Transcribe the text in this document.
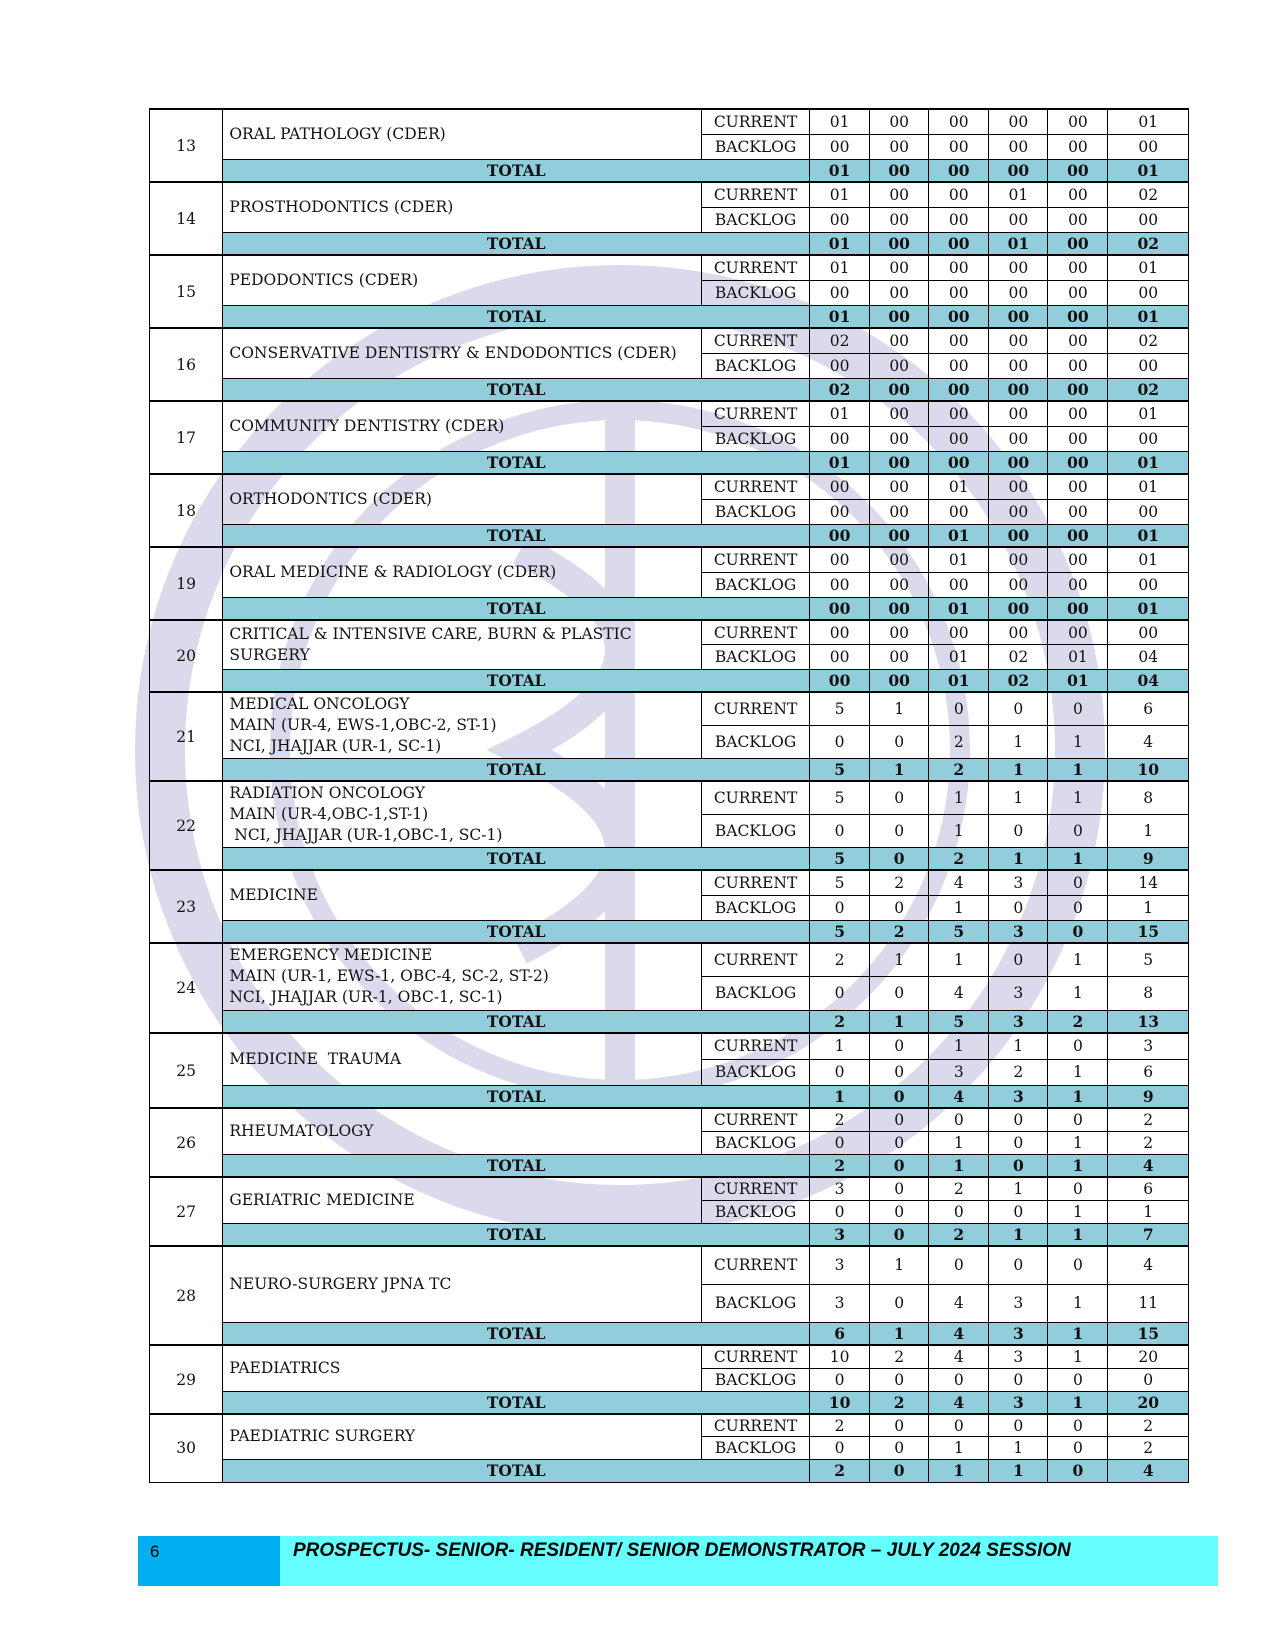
13	ORAL PATHOLOGY (CDER)	CURRENT	01	00	00	00	00	01
		BACKLOG	00	00	00	00	00	00
	TOTAL		01	00	00	00	00	01
14	PROSTHODONTICS (CDER)	CURRENT	01	00	00	01	00	02
		BACKLOG	00	00	00	00	00	00
	TOTAL		01	00	00	01	00	02
15	PEDODONTICS (CDER)	CURRENT	01	00	00	00	00	01
		BACKLOG	00	00	00	00	00	00
	TOTAL		01	00	00	00	00	01
16	CONSERVATIVE DENTISTRY & ENDODONTICS (CDER)	CURRENT	02	00	00	00	00	02
		BACKLOG	00	00	00	00	00	00
	TOTAL		02	00	00	00	00	02
17	COMMUNITY DENTISTRY (CDER)	CURRENT	01	00	00	00	00	01
		BACKLOG	00	00	00	00	00	00
	TOTAL		01	00	00	00	00	01
18	ORTHODONTICS (CDER)	CURRENT	00	00	01	00	00	01
		BACKLOG	00	00	00	00	00	00
	TOTAL		00	00	01	00	00	01
19	ORAL MEDICINE & RADIOLOGY (CDER)	CURRENT	00	00	01	00	00	01
		BACKLOG	00	00	00	00	00	00
	TOTAL		00	00	01	00	00	01
20	CRITICAL & INTENSIVE CARE, BURN & PLASTIC
SURGERY	CURRENT	00	00	00	00	00	00
		BACKLOG	00	00	01	02	01	04
	TOTAL		00	00	01	02	01	04
21	MEDICAL ONCOLOGY
MAIN (UR-4, EWS-1,OBC-2, ST-1)
NCI, JHAJJAR (UR-1, SC-1)	CURRENT	5	1	0	0	0	6
		BACKLOG	0	0	2	1	1	4
	TOTAL		5	1	2	1	1	10
22	RADIATION ONCOLOGY
MAIN (UR-4,OBC-1,ST-1)
NCI, JHAJJAR (UR-1,OBC-1, SC-1)	CURRENT	5	0	1	1	1	8
		BACKLOG	0	0	1	0	0	1
	TOTAL		5	0	2	1	1	9
23	MEDICINE	CURRENT	5	2	4	3	0	14
		BACKLOG	0	0	1	0	0	1
	TOTAL		5	2	5	3	0	15
24	EMERGENCY MEDICINE
MAIN (UR-1, EWS-1, OBC-4, SC-2, ST-2)
NCI, JHAJJAR (UR-1, OBC-1, SC-1)	CURRENT	2	1	1	0	1	5
		BACKLOG	0	0	4	3	1	8
	TOTAL		2	1	5	3	2	13
25	MEDICINE  TRAUMA	CURRENT	1	0	1	1	0	3
		BACKLOG	0	0	3	2	1	6
	TOTAL		1	0	4	3	1	9
26	RHEUMATOLOGY	CURRENT	2	0	0	0	0	2
		BACKLOG	0	0	1	0	1	2
	TOTAL		2	0	1	0	1	4
27	GERIATRIC MEDICINE	CURRENT	3	0	2	1	0	6
		BACKLOG	0	0	0	0	1	1
	TOTAL		3	0	2	1	1	7
28	NEURO-SURGERY JPNA TC	CURRENT	3	1	0	0	0	4
		BACKLOG	3	0	4	3	1	11
	TOTAL		6	1	4	3	1	15
29	PAEDIATRICS	CURRENT	10	2	4	3	1	20
		BACKLOG	0	0	0	0	0	0
	TOTAL		10	2	4	3	1	20
30	PAEDIATRIC SURGERY	CURRENT	2	0	0	0	0	2
		BACKLOG	0	0	1	1	0	2
	TOTAL		2	0	1	1	0	4
6	PROSPECTUS- SENIOR- RESIDENT/ SENIOR DEMONSTRATOR – JULY 2024 SESSION
